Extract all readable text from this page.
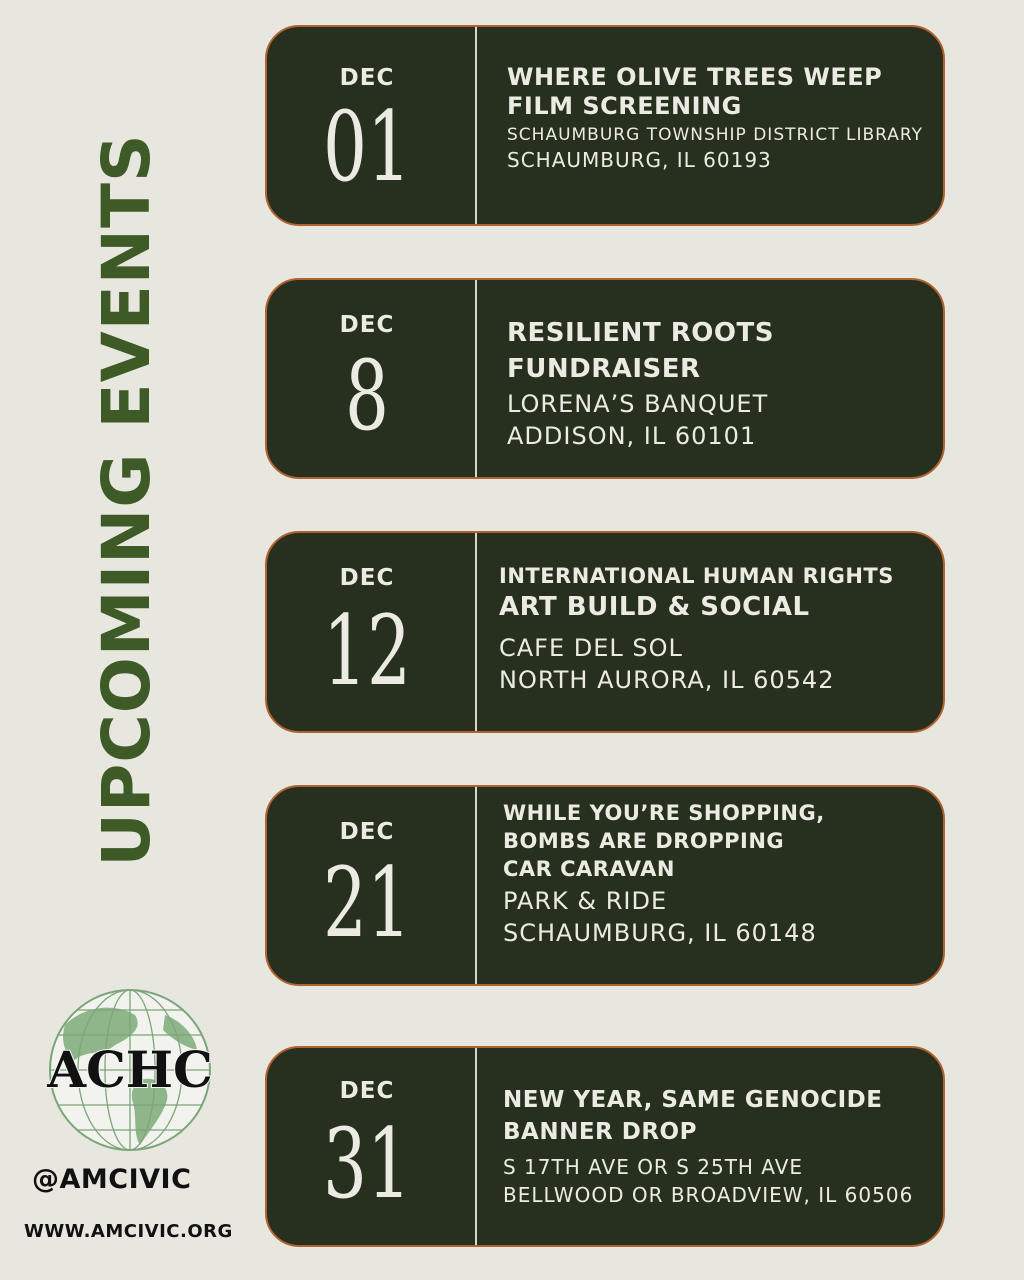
UPCOMING EVENTS
DEC
01
WHERE OLIVE TREES WEEP
FILM SCREENING
SCHAUMBURG TOWNSHIP DISTRICT LIBRARY
SCHAUMBURG, IL 60193
DEC
8
RESILIENT ROOTS
FUNDRAISER
LORENA’S BANQUET
ADDISON, IL 60101
DEC
12
INTERNATIONAL HUMAN RIGHTS
ART BUILD & SOCIAL
CAFE DEL SOL
NORTH AURORA, IL 60542
DEC
21
WHILE YOU’RE SHOPPING,
BOMBS ARE DROPPING
CAR CARAVAN
PARK & RIDE
SCHAUMBURG, IL 60148
DEC
31
NEW YEAR, SAME GENOCIDE
BANNER DROP
S 17TH AVE OR S 25TH AVE
BELLWOOD OR BROADVIEW, IL 60506
ACHC
@AMCIVIC
WWW.AMCIVIC.ORG
